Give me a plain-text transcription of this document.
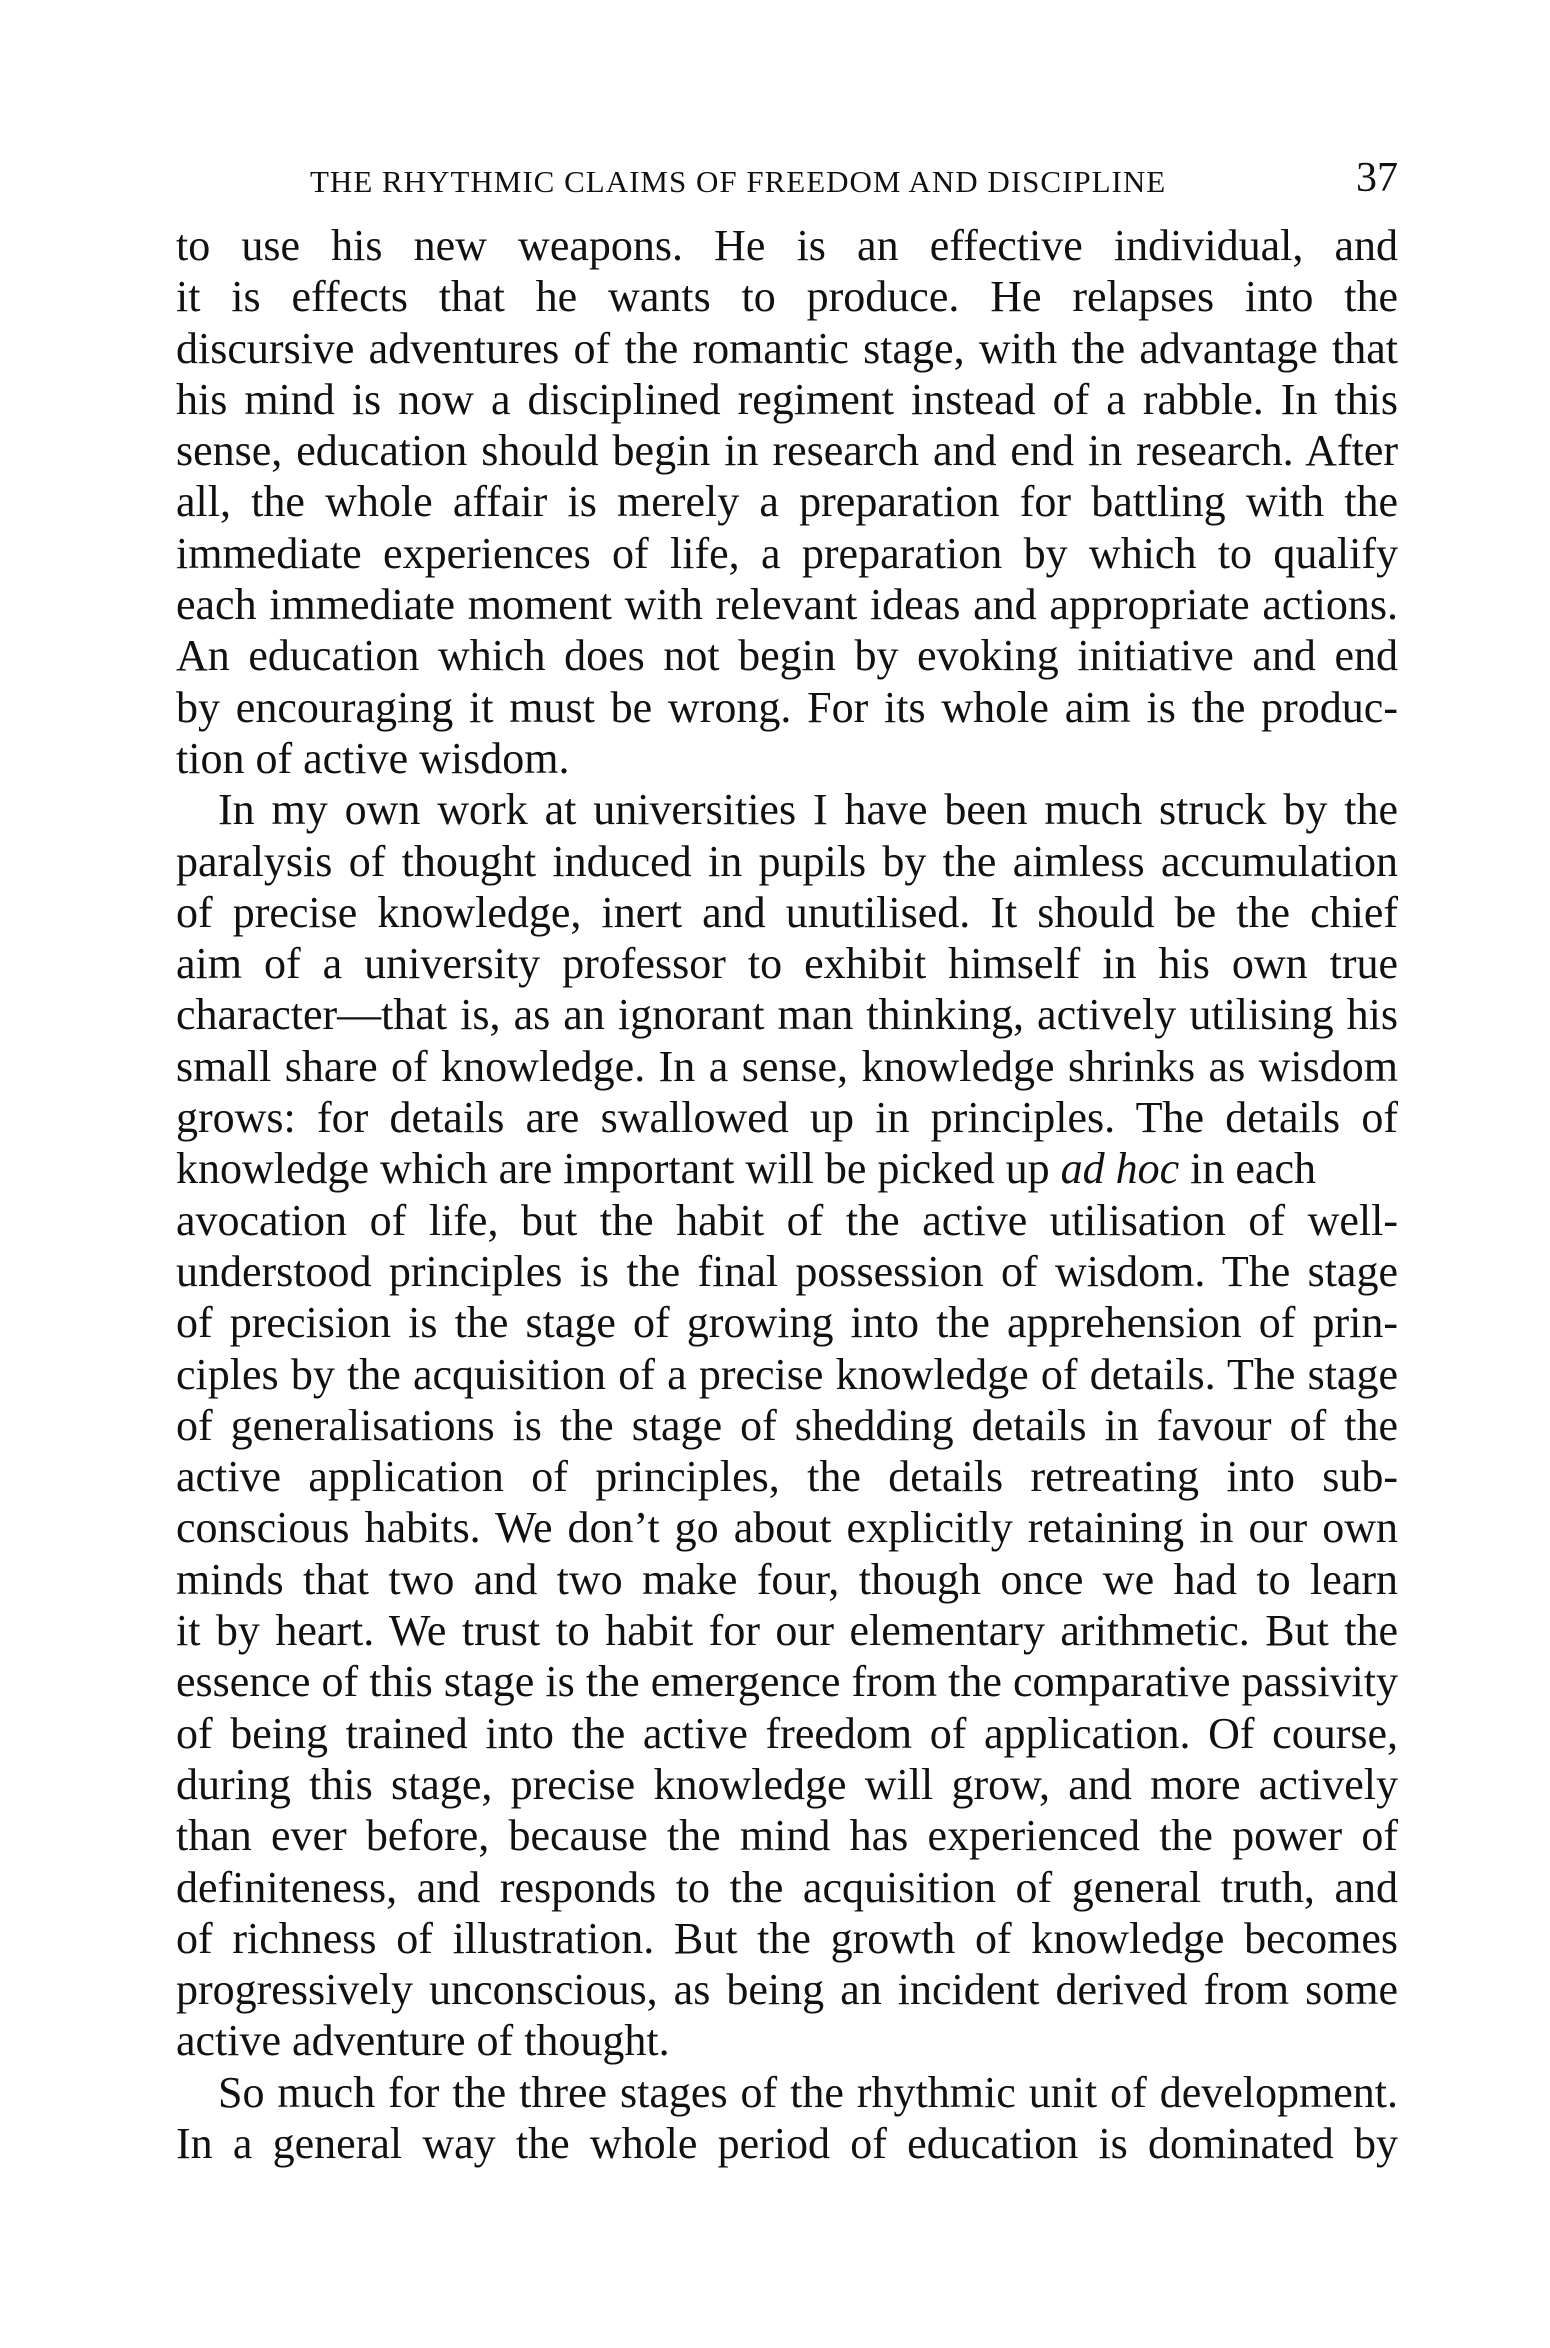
THE RHYTHMIC CLAIMS OF FREEDOM AND DISCIPLINE	37
to use his new weapons. He is an effective individual, and
it is effects that he wants to produce. He relapses into the
discursive adventures of the romantic stage, with the advantage that
his mind is now a disciplined regiment instead of a rabble. In this
sense, education should begin in research and end in research. After
all, the whole affair is merely a preparation for battling with the
immediate experiences of life, a preparation by which to qualify
each immediate moment with relevant ideas and appropriate actions.
An education which does not begin by evoking initiative and end
by encouraging it must be wrong. For its whole aim is the produc-
tion of active wisdom.
In my own work at universities I have been much struck by the
paralysis of thought induced in pupils by the aimless accumulation
of precise knowledge, inert and unutilised. It should be the chief
aim of a university professor to exhibit himself in his own true
character—that is, as an ignorant man thinking, actively utilising his
small share of knowledge. In a sense, knowledge shrinks as wisdom
grows: for details are swallowed up in principles. The details of
knowledge which are important will be picked up ad hoc in each
avocation of life, but the habit of the active utilisation of well-
understood principles is the final possession of wisdom. The stage
of precision is the stage of growing into the apprehension of prin-
ciples by the acquisition of a precise knowledge of details. The stage
of generalisations is the stage of shedding details in favour of the
active application of principles, the details retreating into sub-
conscious habits. We don’t go about explicitly retaining in our own
minds that two and two make four, though once we had to learn
it by heart. We trust to habit for our elementary arithmetic. But the
essence of this stage is the emergence from the comparative passivity
of being trained into the active freedom of application. Of course,
during this stage, precise knowledge will grow, and more actively
than ever before, because the mind has experienced the power of
definiteness, and responds to the acquisition of general truth, and
of richness of illustration. But the growth of knowledge becomes
progressively unconscious, as being an incident derived from some
active adventure of thought.
So much for the three stages of the rhythmic unit of development.
In a general way the whole period of education is dominated by
